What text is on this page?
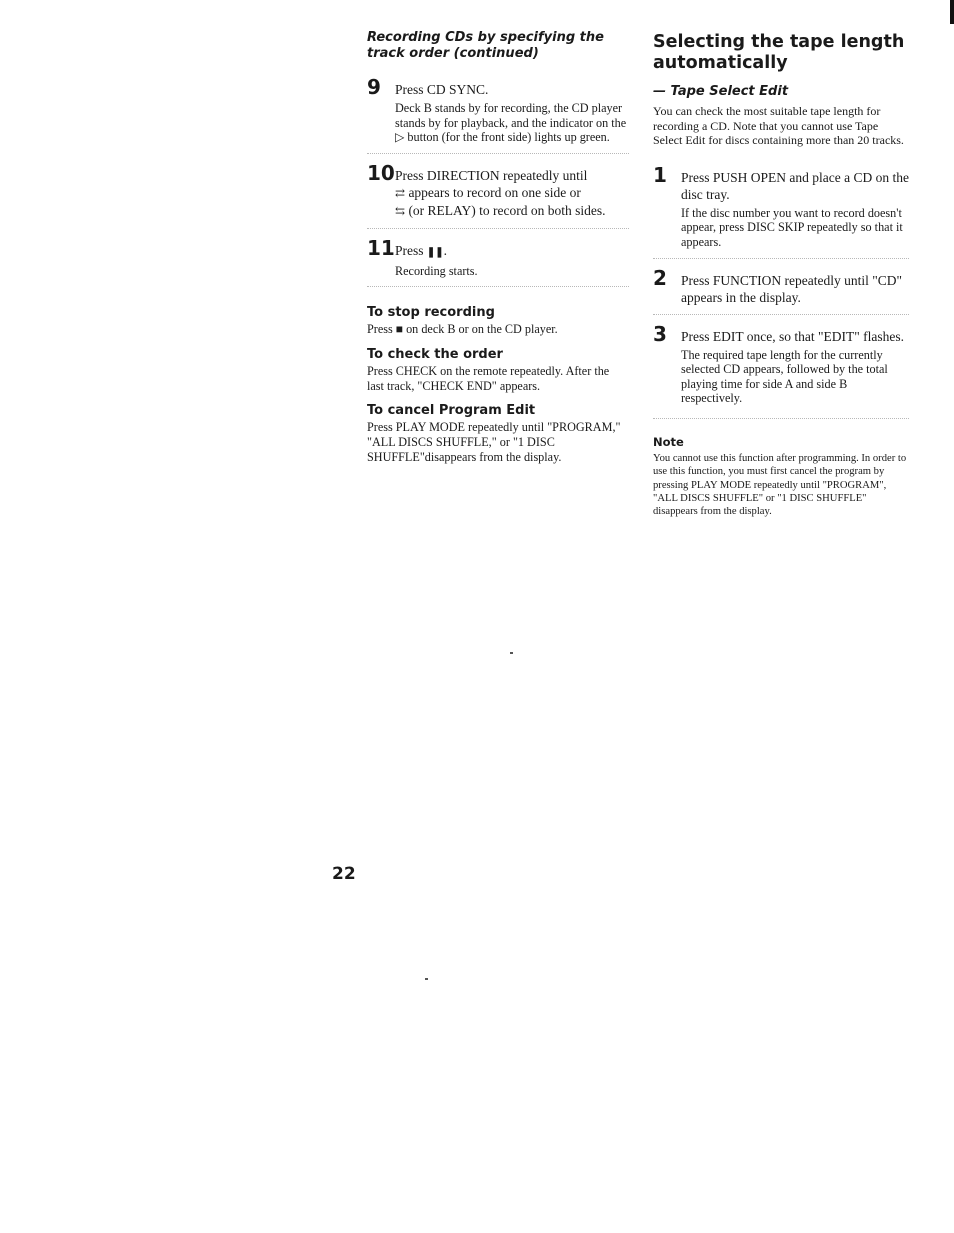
Recording CDs by specifying the track order (continued)
9	Press CD SYNC.
Deck B stands by for recording, the CD player stands by for playback, and the indicator on the ▷ button (for the front side) lights up green.
10 Press DIRECTION repeatedly until
⇄ appears to record on one side or
⇆ (or RELAY) to record on both sides.
11 Press ❚❚.
Recording starts.
To stop recording
Press ■ on deck B or on the CD player.
To check the order
Press CHECK on the remote repeatedly. After the last track, "CHECK END" appears.
To cancel Program Edit
Press PLAY MODE repeatedly until "PROGRAM," "ALL DISCS SHUFFLE," or "1 DISC SHUFFLE"disappears from the display.
Selecting the tape length automatically
— Tape Select Edit
You can check the most suitable tape length for recording a CD. Note that you cannot use Tape Select Edit for discs containing more than 20 tracks.
1	Press PUSH OPEN and place a CD on the disc tray.
If the disc number you want to record doesn't appear, press DISC SKIP repeatedly so that it appears.
2	Press FUNCTION repeatedly until "CD" appears in the display.
3	Press EDIT once, so that "EDIT" flashes.
The required tape length for the currently selected CD appears, followed by the total playing time for side A and side B respectively.
Note
You cannot use this function after programming. In order to use this function, you must first cancel the program by pressing PLAY MODE repeatedly until "PROGRAM", "ALL DISCS SHUFFLE" or "1 DISC SHUFFLE" disappears from the display.
22
